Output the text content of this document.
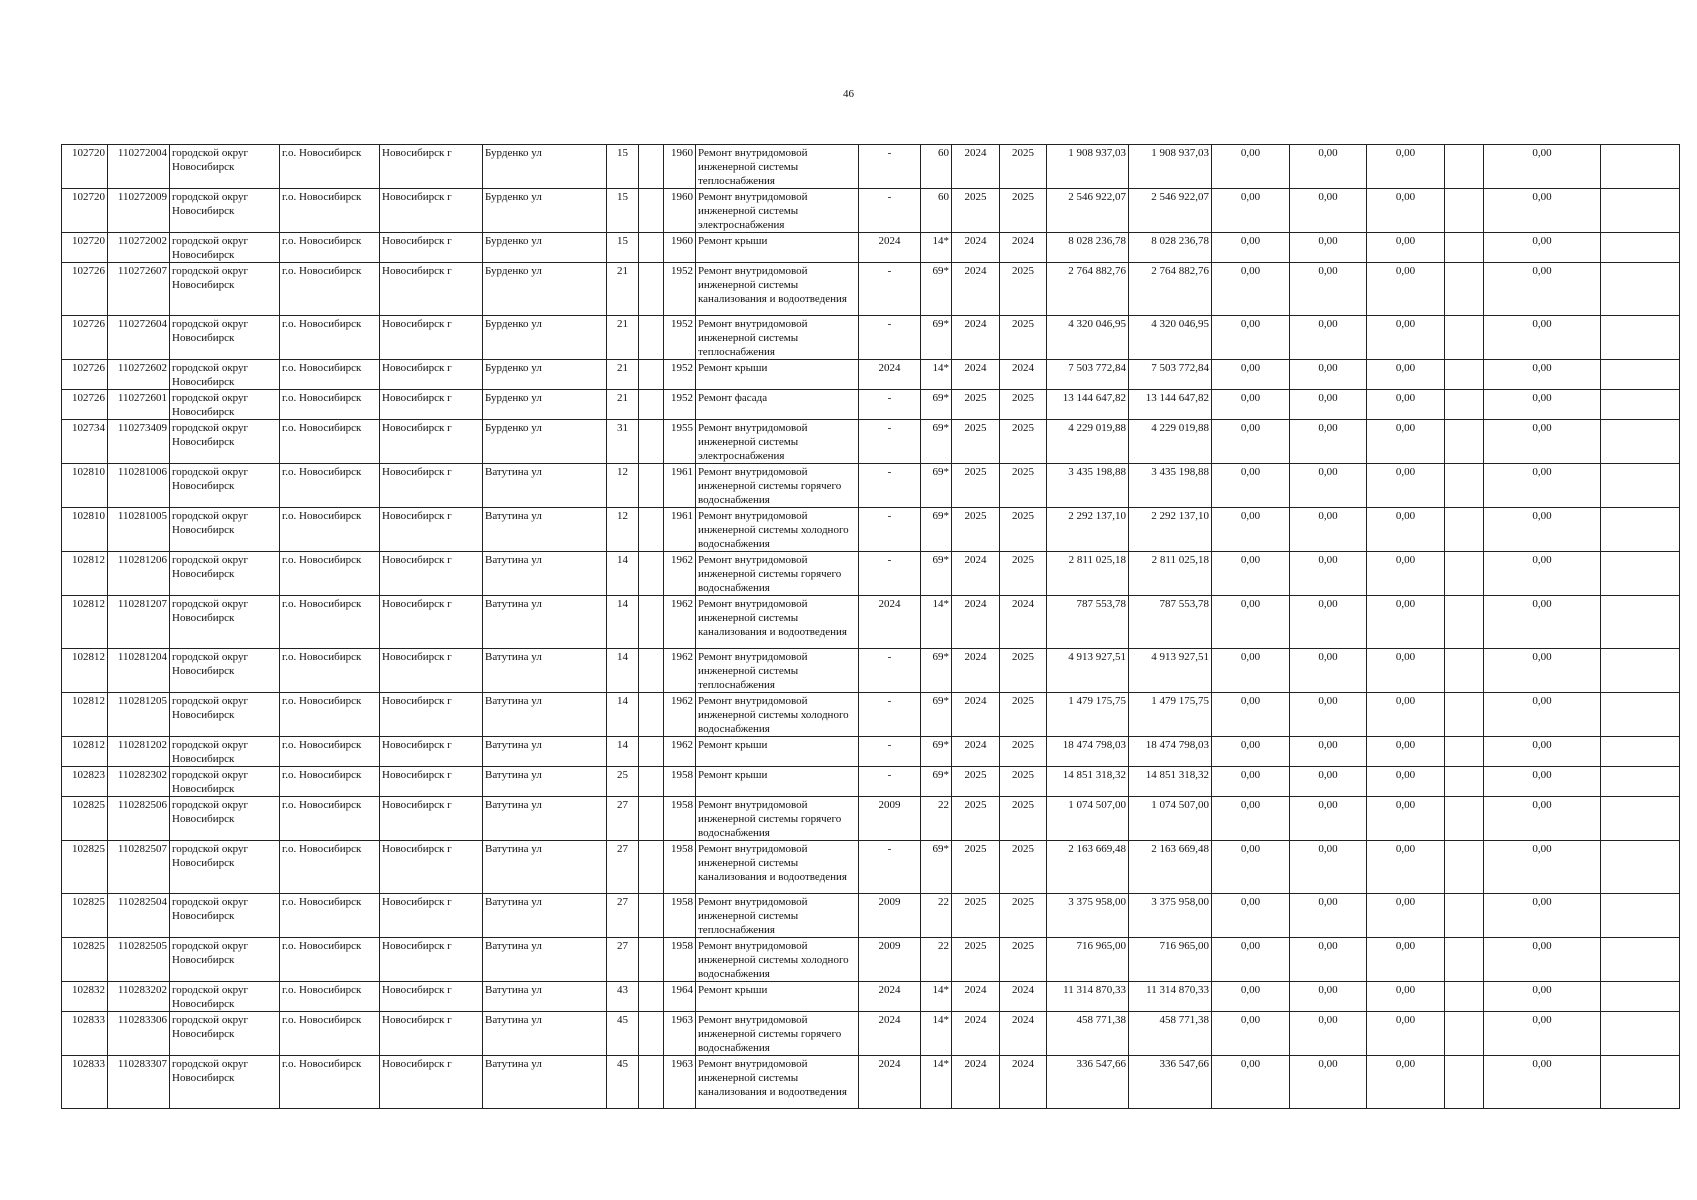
46
102720	110272004	городской округ Новосибирск	г.о. Новосибирск	Новосибирск г	Бурденко ул	15		1960	Ремонт внутридомовой инженерной системы теплоснабжения	-	60	2024	2025	1 908 937,03	1 908 937,03	0,00	0,00	0,00		0,00	
102720	110272009	городской округ Новосибирск	г.о. Новосибирск	Новосибирск г	Бурденко ул	15		1960	Ремонт внутридомовой инженерной системы электроснабжения	-	60	2025	2025	2 546 922,07	2 546 922,07	0,00	0,00	0,00		0,00	
102720	110272002	городской округ Новосибирск	г.о. Новосибирск	Новосибирск г	Бурденко ул	15		1960	Ремонт крыши	2024	14*	2024	2024	8 028 236,78	8 028 236,78	0,00	0,00	0,00		0,00	
102726	110272607	городской округ Новосибирск	г.о. Новосибирск	Новосибирск г	Бурденко ул	21		1952	Ремонт внутридомовой инженерной системы канализования и водоотведения	-	69*	2024	2025	2 764 882,76	2 764 882,76	0,00	0,00	0,00		0,00	
102726	110272604	городской округ Новосибирск	г.о. Новосибирск	Новосибирск г	Бурденко ул	21		1952	Ремонт внутридомовой инженерной системы теплоснабжения	-	69*	2024	2025	4 320 046,95	4 320 046,95	0,00	0,00	0,00		0,00	
102726	110272602	городской округ Новосибирск	г.о. Новосибирск	Новосибирск г	Бурденко ул	21		1952	Ремонт крыши	2024	14*	2024	2024	7 503 772,84	7 503 772,84	0,00	0,00	0,00		0,00	
102726	110272601	городской округ Новосибирск	г.о. Новосибирск	Новосибирск г	Бурденко ул	21		1952	Ремонт фасада	-	69*	2025	2025	13 144 647,82	13 144 647,82	0,00	0,00	0,00		0,00	
102734	110273409	городской округ Новосибирск	г.о. Новосибирск	Новосибирск г	Бурденко ул	31		1955	Ремонт внутридомовой инженерной системы электроснабжения	-	69*	2025	2025	4 229 019,88	4 229 019,88	0,00	0,00	0,00		0,00	
102810	110281006	городской округ Новосибирск	г.о. Новосибирск	Новосибирск г	Ватутина ул	12		1961	Ремонт внутридомовой инженерной системы горячего водоснабжения	-	69*	2025	2025	3 435 198,88	3 435 198,88	0,00	0,00	0,00		0,00	
102810	110281005	городской округ Новосибирск	г.о. Новосибирск	Новосибирск г	Ватутина ул	12		1961	Ремонт внутридомовой инженерной системы холодного водоснабжения	-	69*	2025	2025	2 292 137,10	2 292 137,10	0,00	0,00	0,00		0,00	
102812	110281206	городской округ Новосибирск	г.о. Новосибирск	Новосибирск г	Ватутина ул	14		1962	Ремонт внутридомовой инженерной системы горячего водоснабжения	-	69*	2024	2025	2 811 025,18	2 811 025,18	0,00	0,00	0,00		0,00	
102812	110281207	городской округ Новосибирск	г.о. Новосибирск	Новосибирск г	Ватутина ул	14		1962	Ремонт внутридомовой инженерной системы канализования и водоотведения	2024	14*	2024	2024	787 553,78	787 553,78	0,00	0,00	0,00		0,00	
102812	110281204	городской округ Новосибирск	г.о. Новосибирск	Новосибирск г	Ватутина ул	14		1962	Ремонт внутридомовой инженерной системы теплоснабжения	-	69*	2024	2025	4 913 927,51	4 913 927,51	0,00	0,00	0,00		0,00	
102812	110281205	городской округ Новосибирск	г.о. Новосибирск	Новосибирск г	Ватутина ул	14		1962	Ремонт внутридомовой инженерной системы холодного водоснабжения	-	69*	2024	2025	1 479 175,75	1 479 175,75	0,00	0,00	0,00		0,00	
102812	110281202	городской округ Новосибирск	г.о. Новосибирск	Новосибирск г	Ватутина ул	14		1962	Ремонт крыши	-	69*	2024	2025	18 474 798,03	18 474 798,03	0,00	0,00	0,00		0,00	
102823	110282302	городской округ Новосибирск	г.о. Новосибирск	Новосибирск г	Ватутина ул	25		1958	Ремонт крыши	-	69*	2025	2025	14 851 318,32	14 851 318,32	0,00	0,00	0,00		0,00	
102825	110282506	городской округ Новосибирск	г.о. Новосибирск	Новосибирск г	Ватутина ул	27		1958	Ремонт внутридомовой инженерной системы горячего водоснабжения	2009	22	2025	2025	1 074 507,00	1 074 507,00	0,00	0,00	0,00		0,00	
102825	110282507	городской округ Новосибирск	г.о. Новосибирск	Новосибирск г	Ватутина ул	27		1958	Ремонт внутридомовой инженерной системы канализования и водоотведения	-	69*	2025	2025	2 163 669,48	2 163 669,48	0,00	0,00	0,00		0,00	
102825	110282504	городской округ Новосибирск	г.о. Новосибирск	Новосибирск г	Ватутина ул	27		1958	Ремонт внутридомовой инженерной системы теплоснабжения	2009	22	2025	2025	3 375 958,00	3 375 958,00	0,00	0,00	0,00		0,00	
102825	110282505	городской округ Новосибирск	г.о. Новосибирск	Новосибирск г	Ватутина ул	27		1958	Ремонт внутридомовой инженерной системы холодного водоснабжения	2009	22	2025	2025	716 965,00	716 965,00	0,00	0,00	0,00		0,00	
102832	110283202	городской округ Новосибирск	г.о. Новосибирск	Новосибирск г	Ватутина ул	43		1964	Ремонт крыши	2024	14*	2024	2024	11 314 870,33	11 314 870,33	0,00	0,00	0,00		0,00	
102833	110283306	городской округ Новосибирск	г.о. Новосибирск	Новосибирск г	Ватутина ул	45		1963	Ремонт внутридомовой инженерной системы горячего водоснабжения	2024	14*	2024	2024	458 771,38	458 771,38	0,00	0,00	0,00		0,00	
102833	110283307	городской округ Новосибирск	г.о. Новосибирск	Новосибирск г	Ватутина ул	45		1963	Ремонт внутридомовой инженерной системы канализования и водоотведения	2024	14*	2024	2024	336 547,66	336 547,66	0,00	0,00	0,00		0,00	
